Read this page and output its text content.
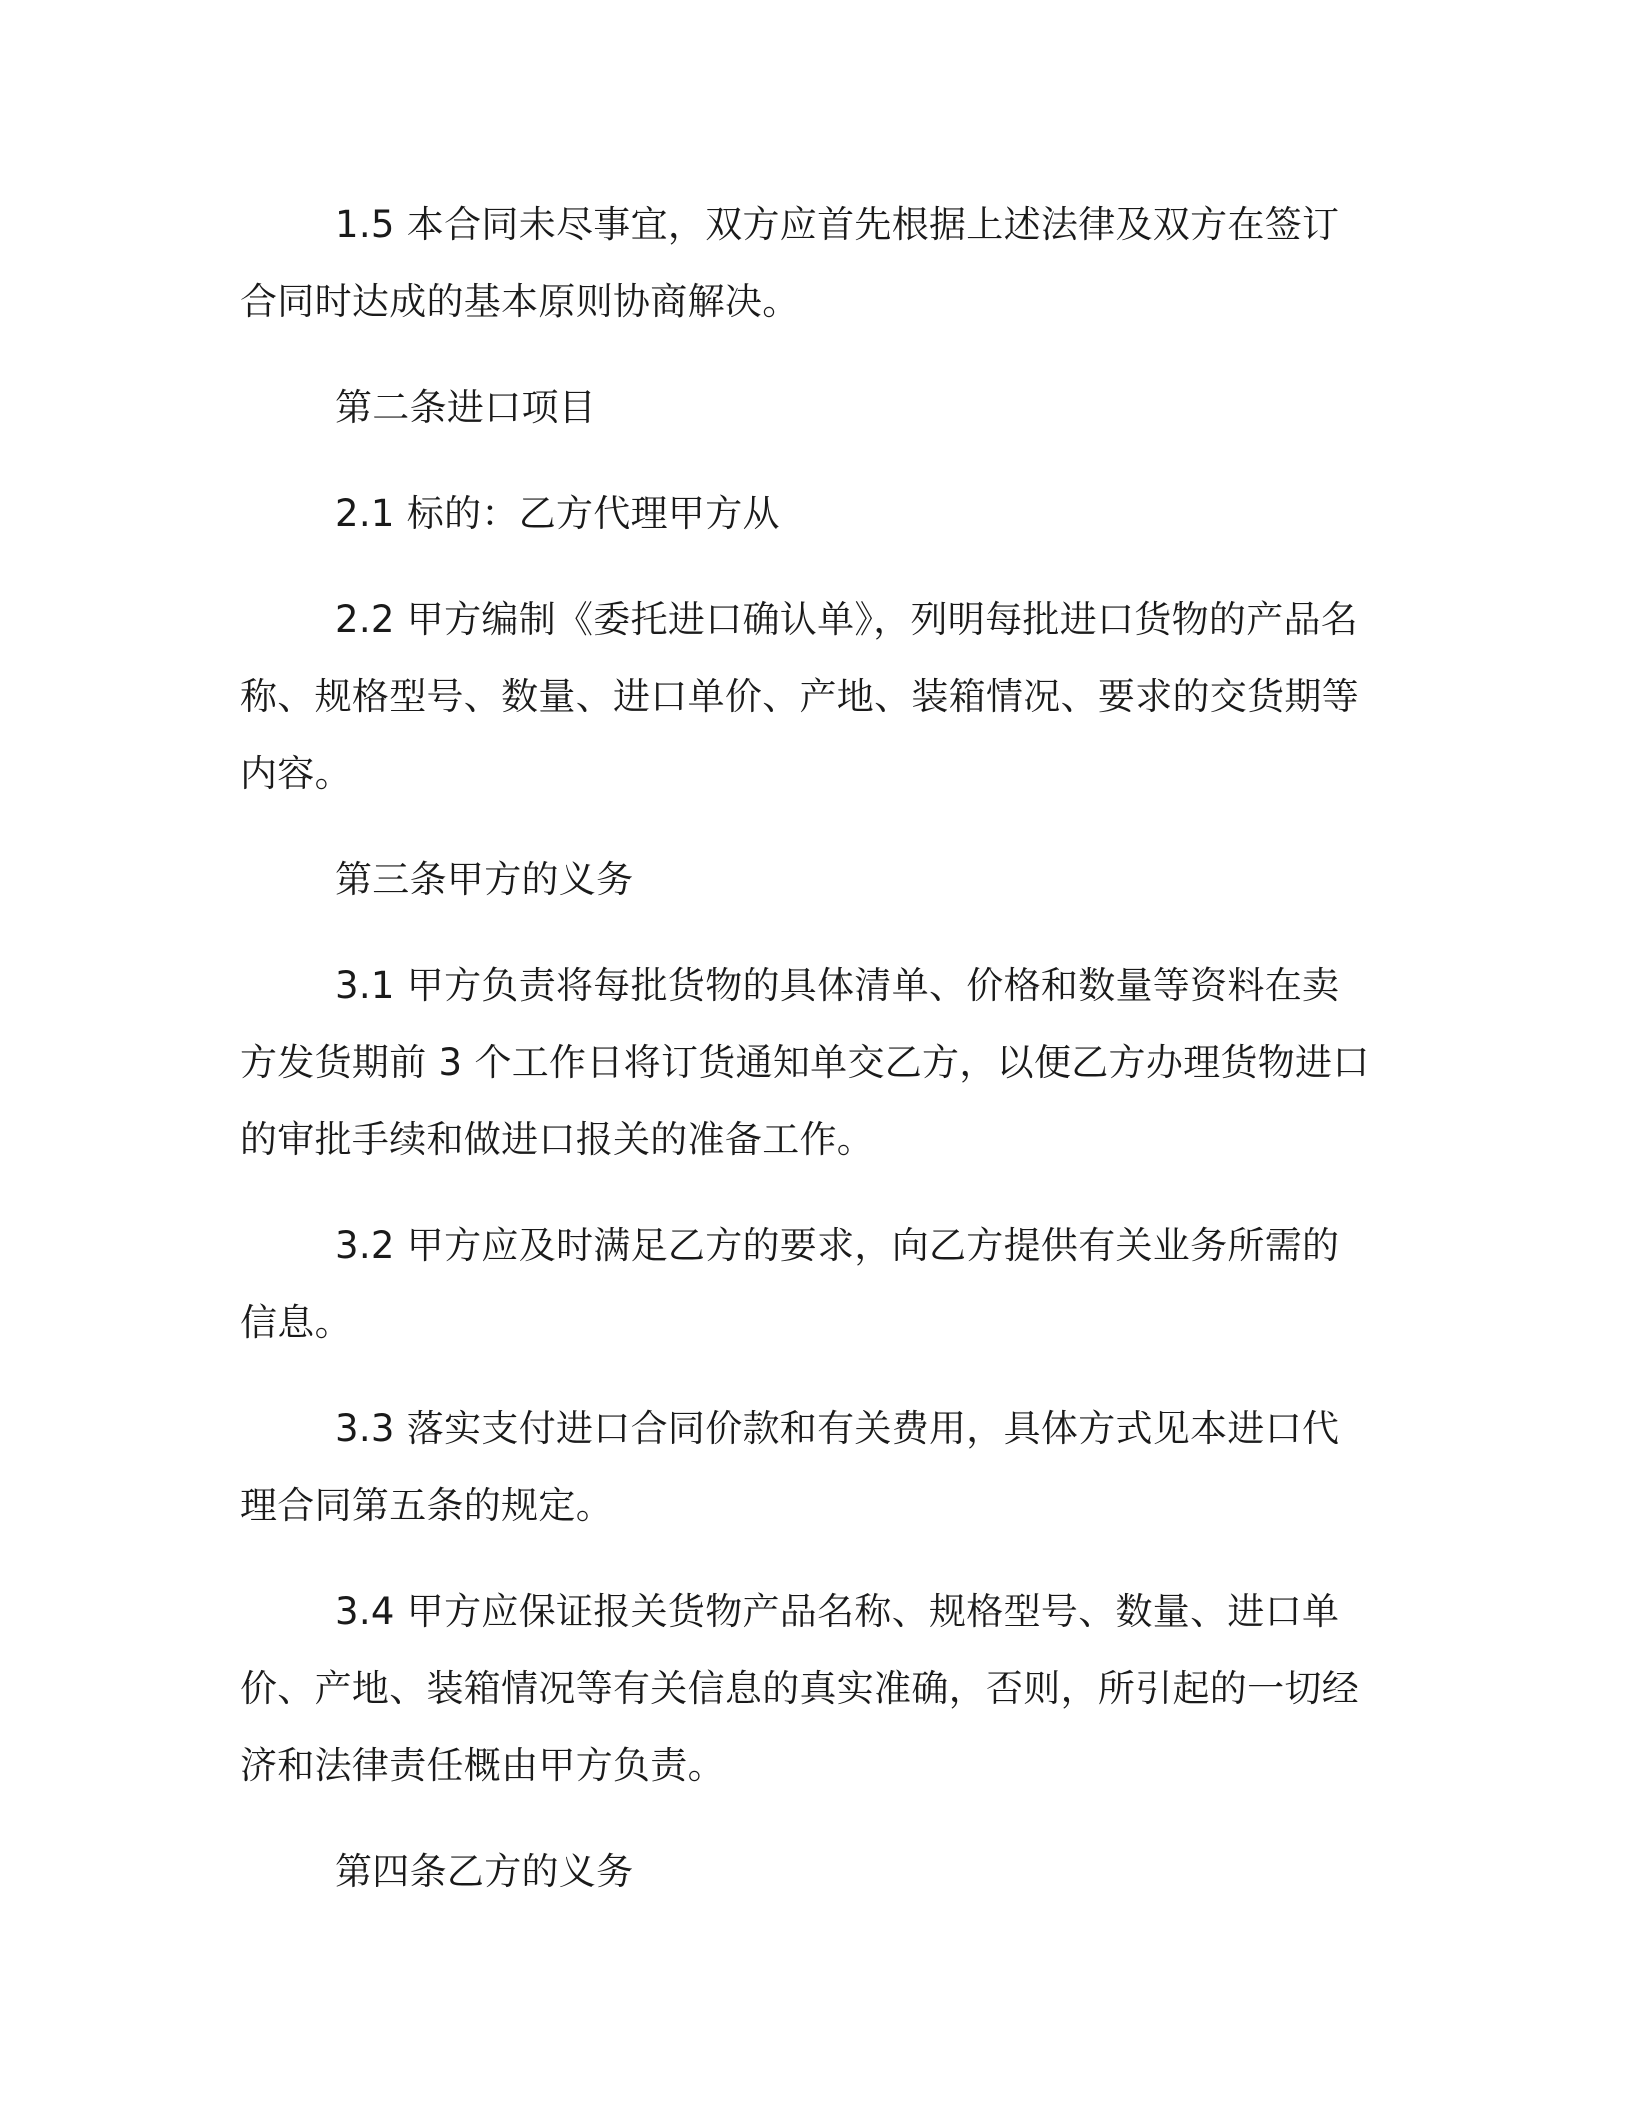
1.5 本合同未尽事宜，双方应首先根据上述法律及双方在签订合同时达成的基本原则协商解决。

第二条进口项目

2.1 标的：乙方代理甲方从

2.2 甲方编制《委托进口确认单》，列明每批进口货物的产品名称、规格型号、数量、进口单价、产地、装箱情况、要求的交货期等内容。

第三条甲方的义务

3.1 甲方负责将每批货物的具体清单、价格和数量等资料在卖方发货期前 3 个工作日将订货通知单交乙方，以便乙方办理货物进口的审批手续和做进口报关的准备工作。

3.2 甲方应及时满足乙方的要求，向乙方提供有关业务所需的信息。

3.3 落实支付进口合同价款和有关费用，具体方式见本进口代理合同第五条的规定。

3.4 甲方应保证报关货物产品名称、规格型号、数量、进口单价、产地、装箱情况等有关信息的真实准确，否则，所引起的一切经济和法律责任概由甲方负责。

第四条乙方的义务
